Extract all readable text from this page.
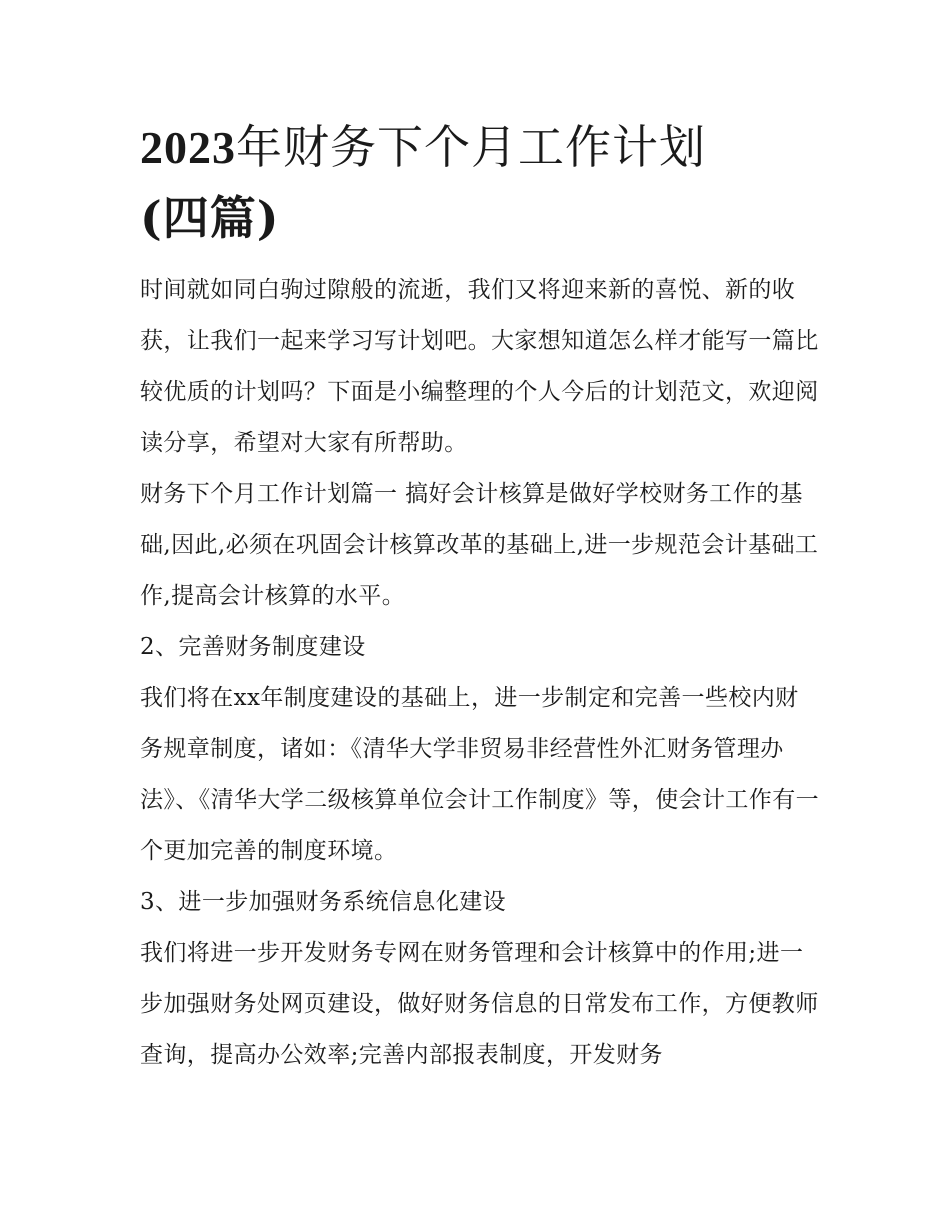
2023年财务下个月工作计划
(四篇)

时间就如同白驹过隙般的流逝，我们又将迎来新的喜悦、新的收获，让我们一起来学习写计划吧。大家想知道怎么样才能写一篇比较优质的计划吗？下面是小编整理的个人今后的计划范文，欢迎阅读分享，希望对大家有所帮助。

财务下个月工作计划篇一 搞好会计核算是做好学校财务工作的基础,因此,必须在巩固会计核算改革的基础上,进一步规范会计基础工作,提高会计核算的水平。

2、完善财务制度建设

我们将在xx年制度建设的基础上，进一步制定和完善一些校内财务规章制度，诸如：《清华大学非贸易非经营性外汇财务管理办法》、《清华大学二级核算单位会计工作制度》等，使会计工作有一个更加完善的制度环境。

3、进一步加强财务系统信息化建设

我们将进一步开发财务专网在财务管理和会计核算中的作用;进一步加强财务处网页建设，做好财务信息的日常发布工作，方便教师查询，提高办公效率;完善内部报表制度，开发财务
